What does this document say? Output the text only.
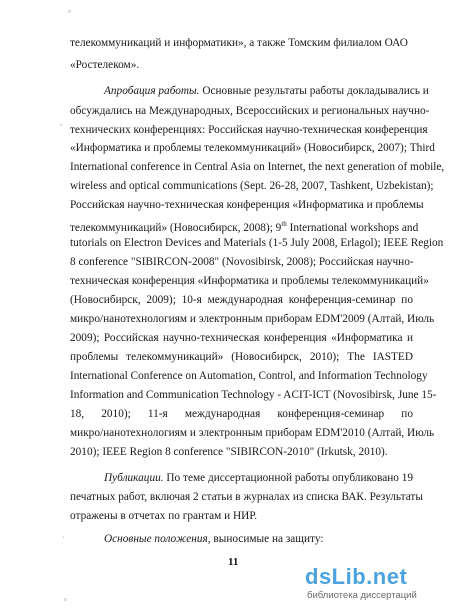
телекоммуникаций и информатики», а также Томским филиалом ОАО
«Ростелеком».
Апробация работы. Основные результаты работы докладывались и
обсуждались на Международных, Всероссийских и региональных научно-
технических конференциях: Российская научно-техническая конференция
«Информатика и проблемы телекоммуникаций» (Новосибирск, 2007); Third
International conference in Central Asia on Internet, the next generation of mobile,
wireless and optical communications (Sept. 26-28, 2007, Tashkent, Uzbekistan);
Российская научно-техническая конференция «Информатика и проблемы
телекоммуникаций» (Новосибирск, 2008); 9th International workshops and
tutorials on Electron Devices and Materials (1-5 July 2008, Erlagol); IEEE Region
8 conference "SIBIRCON-2008" (Novosibirsk, 2008); Российская научно-
техническая конференция «Информатика и проблемы телекоммуникаций»
(Новосибирск, 2009); 10-я международная конференция-семинар по
микро/нанотехнологиям и электронным приборам EDM'2009 (Алтай, Июль
2009); Российская научно-техническая конференция «Информатика и
проблемы телекоммуникаций» (Новосибирск, 2010); The IASTED
International Conference on Automation, Control, and Information Technology
Information and Communication Technology - ACIT-ICT (Novosibirsk, June 15-
18, 2010); 11-я международная конференция-семинар по
микро/нанотехнологиям и электронным приборам EDM'2010 (Алтай, Июль
2010); IEEE Region 8 conference "SIBIRCON-2010" (Irkutsk, 2010).
Публикации. По теме диссертационной работы опубликовано 19
печатных работ, включая 2 статьи в журналах из списка ВАК. Результаты
отражены в отчетах по грантам и НИР.
Основные положения, выносимые на защиту:
11
▫
˛
˙
▫
dsLib.net
библиотека диссертаций
